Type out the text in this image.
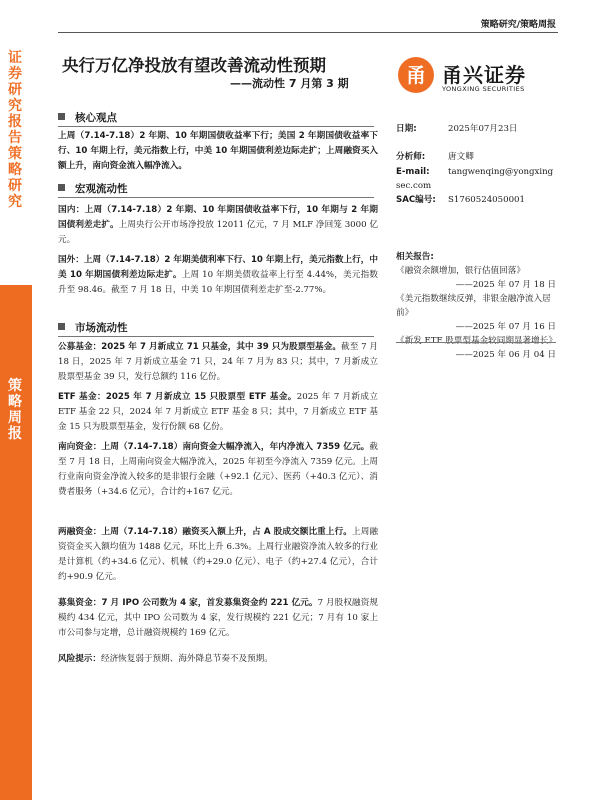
策略研究/策略周报
证券研究报告 策略研究
策略周报
央行万亿净投放有望改善流动性预期
——流动性 7 月第 3 期	甬 甬兴证券
YONGXING SECURITIES
核心观点
上周（7.14-7.18）2 年期、10 年期国债收益率下行；美国 2 年期国债收益率下行、10 年期上行，美元指数上行，中美 10 年期国债利差边际走扩；上周融资买入额上升，南向资金流入幅净流入。
宏观流动性
国内：上周（7.14-7.18）2 年期、10 年期国债收益率下行，10 年期与 2 年期国债利差走扩。上周央行公开市场净投放 12011 亿元，7 月 MLF 净回笼 3000 亿元。
国外：上周（7.14-7.18）2 年期美债利率下行、10 年期上行，美元指数上行，中美 10 年期国债利差边际走扩。上周 10 年期美债收益率上行至 4.44%，美元指数升至 98.46。截至 7 月 18 日，中美 10 年期国债利差走扩至-2.77%。
市场流动性
公募基金：2025 年 7 月新成立 71 只基金，其中 39 只为股票型基金。截至 7 月 18 日，2025 年 7 月新成立基金 71 只，24 年 7 月为 83 只；其中，7 月新成立股票型基金 39 只，发行总额约 116 亿份。
ETF 基金：2025 年 7 月新成立 15 只股票型 ETF 基金。2025 年 7 月新成立 ETF 基金 22 只，2024 年 7 月新成立 ETF 基金 8 只；其中，7 月新成立 ETF 基金 15 只为股票型基金，发行份额 68 亿份。
南向资金：上周（7.14-7.18）南向资金大幅净流入，年内净流入 7359 亿元。截至 7 月 18 日，上周南向资金大幅净流入，2025 年初至今净流入 7359 亿元。上周行业南向资金净流入较多的是非银行金融（+92.1 亿元）、医药（+40.3 亿元）、消费者服务（+34.6 亿元），合计约+167 亿元。
两融资金：上周（7.14-7.18）融资买入额上升，占 A 股成交额比重上行。上周融资资金买入额均值为 1488 亿元，环比上升 6.3%。上周行业融资净流入较多的行业是计算机（约+34.6 亿元）、机械（约+29.0 亿元）、电子（约+27.4 亿元），合计约+90.9 亿元。
募集资金：7 月 IPO 公司数为 4 家，首发募集资金约 221 亿元。7 月股权融资规模约 434 亿元，其中 IPO 公司数为 4 家，发行规模约 221 亿元；7 月有 10 家上市公司参与定增，总计融资规模约 169 亿元。
风险提示：经济恢复弱于预期、海外降息节奏不及预期。
日期:	2025年07月23日
分析师:	唐文卿
E-mail:	tangwenqing@yongxingsec.com
SAC编号: S1760524050001
相关报告:
《融资余额增加，银行估值回落》
——2025 年 07 月 18 日
《美元指数继续反弹，非银金融净流入居前》
——2025 年 07 月 16 日
《新发 ETF 股票型基金较同期显著增长》
——2025 年 06 月 04 日
